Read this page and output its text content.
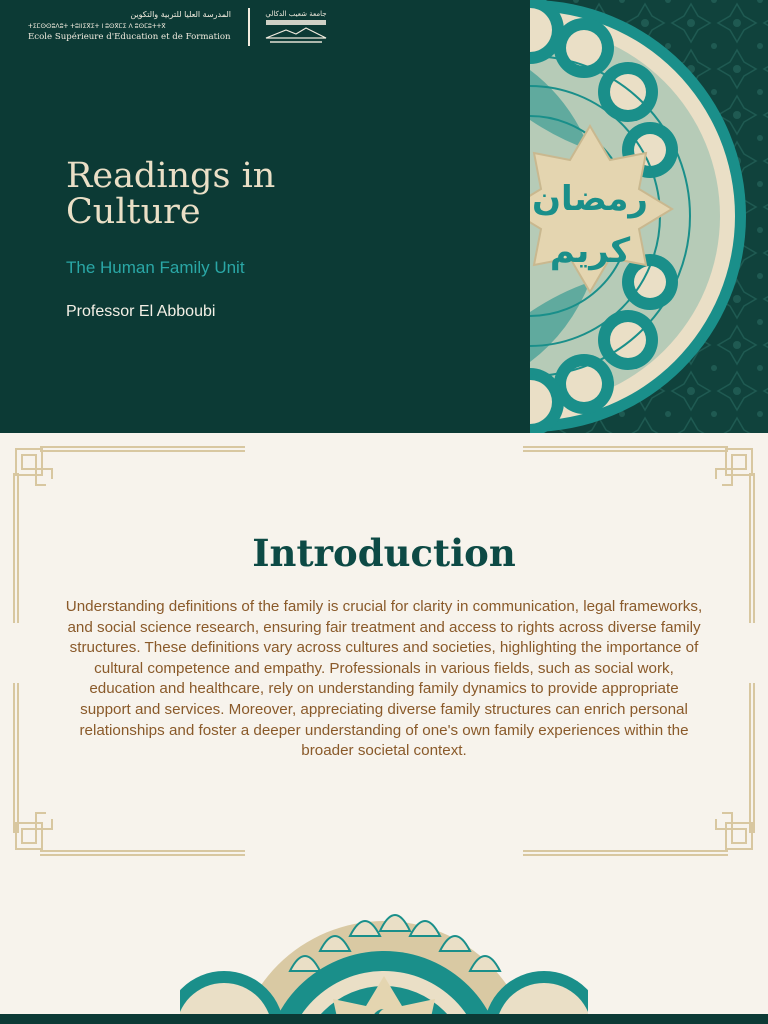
المدرسة العليا للتربية والتكوين
ⵜⵉⵎⵙⵙⵓⴷⵓⵜ ⵜⵓⵏⵏⵉⴳⵉⵜ ⵏ ⵓⵙⴳⵎⵉ ⴷ ⵓⵙⵎⵓⵜⵜⴳ
Ecole Supérieure d'Education et de Formation
جامعة شعيب الدكالي
Readings in Culture
The Human Family Unit
Professor El Abboubi
رمضان
كريم
Introduction

Understanding definitions of the family is crucial for clarity in communication, legal frameworks, and social science research, ensuring fair treatment and access to rights across diverse family structures. These definitions vary across cultures and societies, highlighting the importance of cultural competence and empathy. Professionals in various fields, such as social work, education and healthcare, rely on understanding family dynamics to provide appropriate support and services. Moreover, appreciating diverse family structures can enrich personal relationships and foster a deeper understanding of one's own family experiences within the broader societal context.
